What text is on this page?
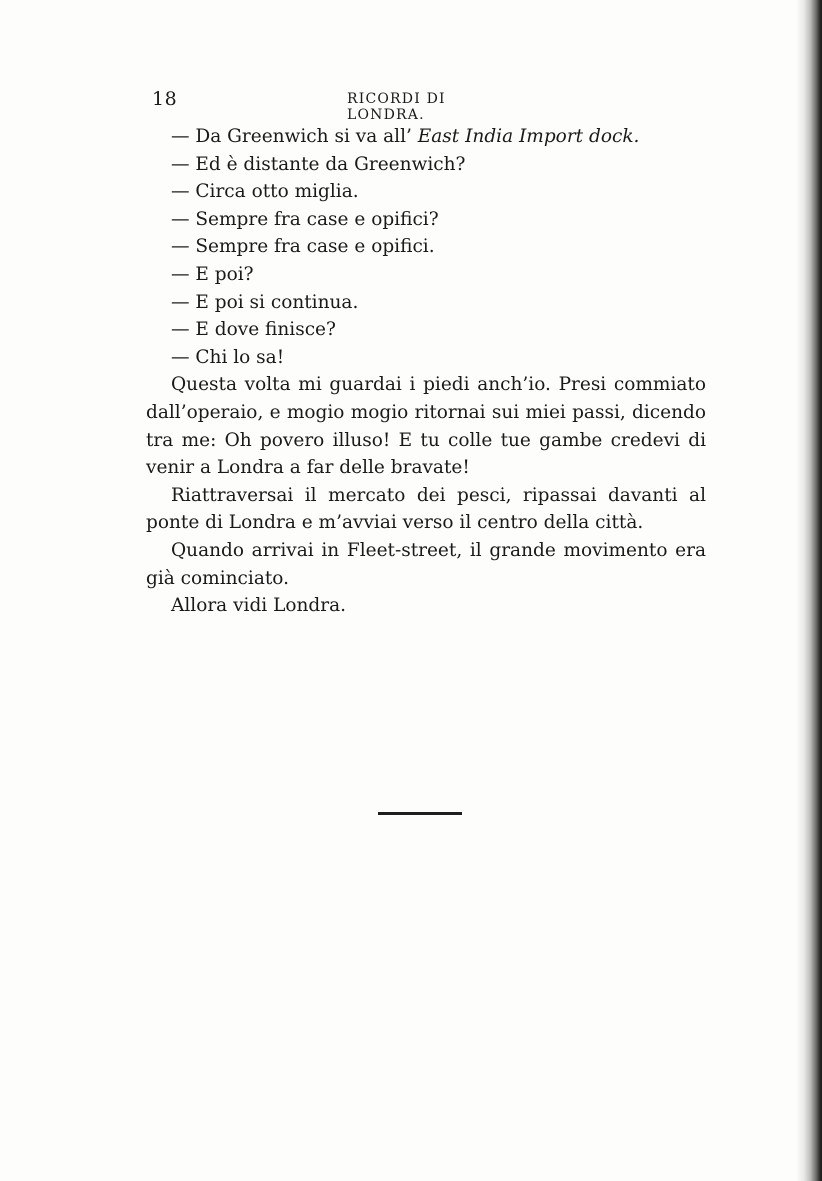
18	RICORDI DI LONDRA.
— Da Greenwich si va all’ East India Import dock.
— Ed è distante da Greenwich?
— Circa otto miglia.
— Sempre fra case e opifici?
— Sempre fra case e opifici.
— E poi?
— E poi si continua.
— E dove finisce?
— Chi lo sa!
Questa volta mi guardai i piedi anch’io. Presi commiato
dall’operaio, e mogio mogio ritornai sui miei passi, dicendo
tra me: Oh povero illuso! E tu colle tue gambe credevi di
venir a Londra a far delle bravate!
Riattraversai il mercato dei pesci, ripassai davanti al
ponte di Londra e m’avviai verso il centro della città.
Quando arrivai in Fleet-street, il grande movimento era
già cominciato.
Allora vidi Londra.
